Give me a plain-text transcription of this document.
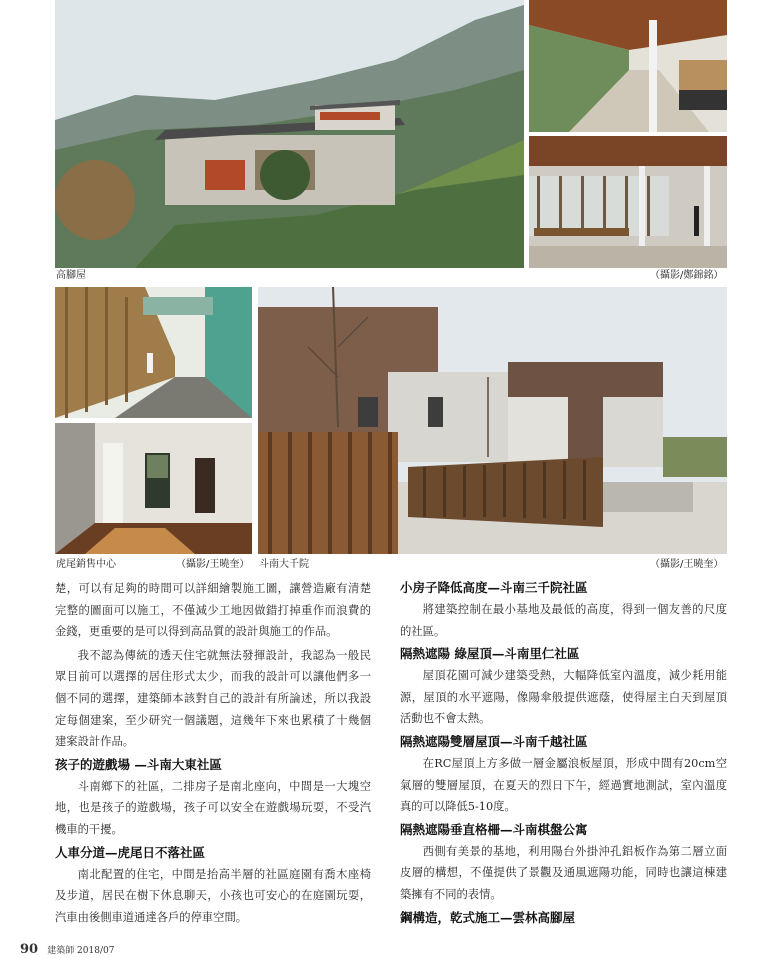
高腳屋	（攝影/鄭錦銘）
虎尾銷售中心	（攝影/王曉奎） 斗南大千院	（攝影/王曉奎）

楚，可以有足夠的時間可以詳細繪製施工圖，讓營造廠有清楚完整的圖面可以施工，不僅減少工地因做錯打掉重作而浪費的金錢，更重要的是可以得到高品質的設計與施工的作品。

我不認為傳統的透天住宅就無法發揮設計，我認為一般民眾目前可以選擇的居住形式太少，而我的設計可以讓他們多一個不同的選擇，建築師本該對自己的設計有所論述，所以我設定每個建案，至少研究一個議題，這幾年下來也累積了十幾個建案設計作品。

孩子的遊戲場 —斗南大東社區

斗南鄉下的社區，二排房子是南北座向，中間是一大塊空地，也是孩子的遊戲場，孩子可以安全在遊戲場玩耍，不受汽機車的干擾。

人車分道—虎尾日不落社區

南北配置的住宅，中間是抬高半層的社區庭園有喬木座椅及步道，居民在樹下休息聊天，小孩也可安心的在庭園玩耍，汽車由後側車道通達各戶的停車空間。

小房子降低高度—斗南三千院社區

將建築控制在最小基地及最低的高度，得到一個友善的尺度的社區。

隔熱遮陽 綠屋頂—斗南里仁社區

屋頂花園可減少建築受熱，大幅降低室內溫度，減少耗用能源，屋頂的水平遮陽，像陽傘般提供遮蔭，使得屋主白天到屋頂活動也不會太熱。

隔熱遮陽雙層屋頂—斗南千越社區

在RC屋頂上方多做一層金屬浪板屋頂，形成中間有20cm空氣層的雙層屋頂，在夏天的烈日下午，經過實地測試，室內溫度真的可以降低5-10度。

隔熱遮陽垂直格柵—斗南棋盤公寓

西側有美景的基地，利用陽台外掛沖孔鋁板作為第二層立面皮層的構想，不僅提供了景觀及通風遮陽功能，同時也讓這棟建築擁有不同的表情。

鋼構造，乾式施工—雲林高腳屋
90 建築師 2018/07
